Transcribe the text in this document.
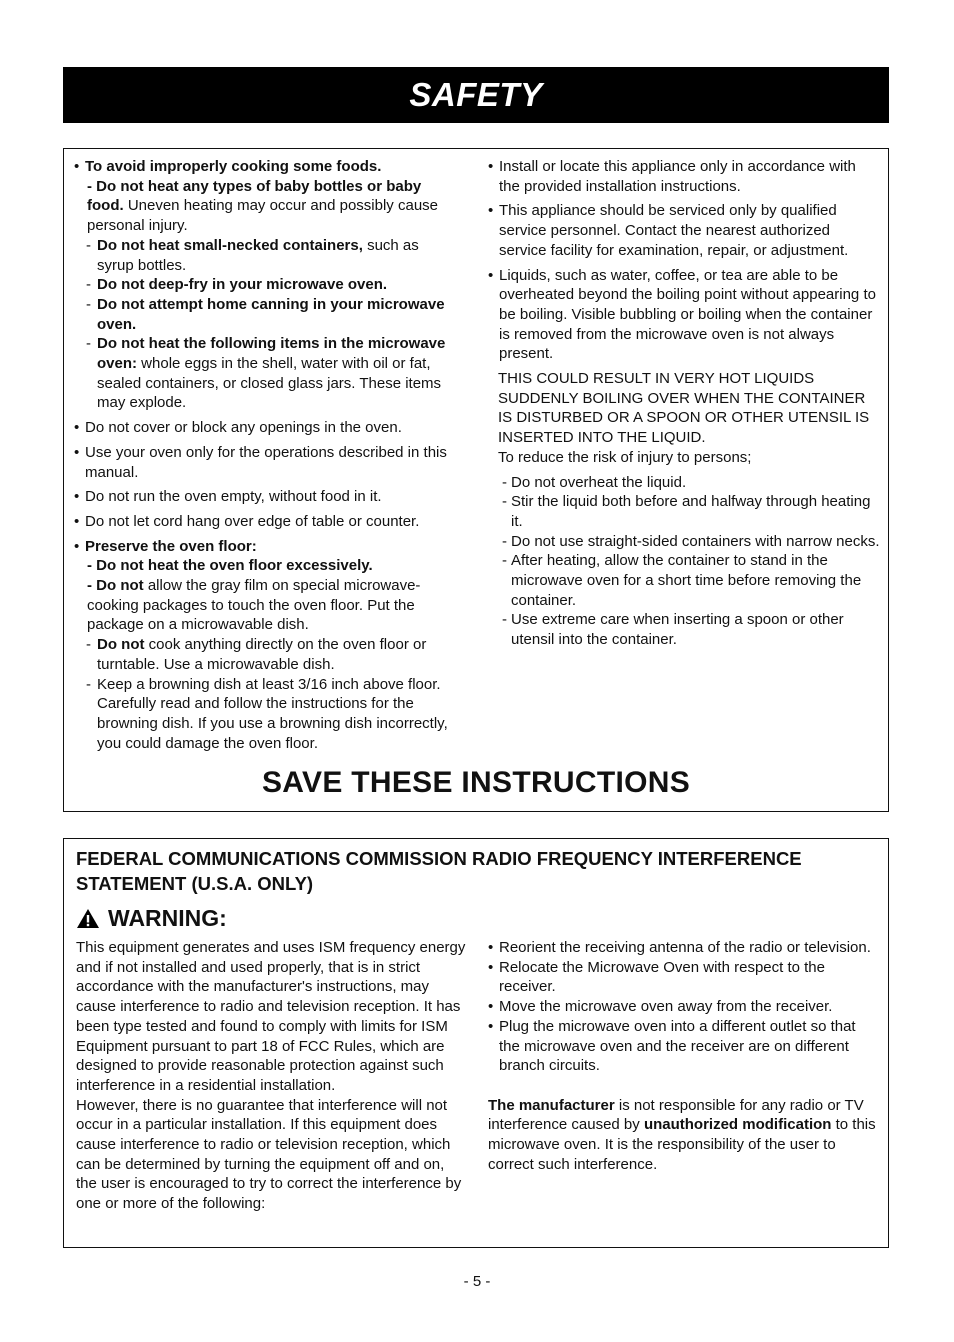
SAFETY
• To avoid improperly cooking some foods.
- Do not heat any types of baby bottles or baby food. Uneven heating may occur and possibly cause personal injury.
- Do not heat small-necked containers, such as syrup bottles.
- Do not deep-fry in your microwave oven.
- Do not attempt home canning in your microwave oven.
- Do not heat the following items in the microwave oven: whole eggs in the shell, water with oil or fat, sealed containers, or closed glass jars. These items may explode.
• Do not cover or block any openings in the oven.
• Use your oven only for the operations described in this manual.
• Do not run the oven empty, without food in it.
• Do not let cord hang over edge of table or counter.
• Preserve the oven floor:
- Do not heat the oven floor excessively.
- Do not allow the gray film on special microwave-cooking packages to touch the oven floor. Put the package on a microwavable dish.
- Do not cook anything directly on the oven floor or turntable. Use a microwavable dish.
- Keep a browning dish at least 3/16 inch above floor. Carefully read and follow the instructions for the browning dish. If you use a browning dish incorrectly, you could damage the oven floor.
• Install or locate this appliance only in accordance with the provided installation instructions.
• This appliance should be serviced only by qualified service personnel. Contact the nearest authorized service facility for examination, repair, or adjustment.
• Liquids, such as water, coffee, or tea are able to be overheated beyond the boiling point without appearing to be boiling. Visible bubbling or boiling when the container is removed from the microwave oven is not always present.
THIS COULD RESULT IN VERY HOT LIQUIDS SUDDENLY BOILING OVER WHEN THE CONTAINER IS DISTURBED OR A SPOON OR OTHER UTENSIL IS INSERTED INTO THE LIQUID.
To reduce the risk of injury to persons;
- Do not overheat the liquid.
- Stir the liquid both before and halfway through heating it.
- Do not use straight-sided containers with narrow necks.
- After heating, allow the container to stand in the microwave oven for a short time before removing the container.
- Use extreme care when inserting a spoon or other utensil into the container.
SAVE THESE INSTRUCTIONS
FEDERAL COMMUNICATIONS COMMISSION RADIO FREQUENCY INTERFERENCE STATEMENT (U.S.A. ONLY)
WARNING:
This equipment generates and uses ISM frequency energy and if not installed and used properly, that is in strict accordance with the manufacturer's instructions, may cause interference to radio and television reception. It has been type tested and found to comply with limits for ISM Equipment pursuant to part 18 of FCC Rules, which are designed to provide reasonable protection against such interference in a residential installation.
However, there is no guarantee that interference will not occur in a particular installation. If this equipment does cause interference to radio or television reception, which can be determined by turning the equipment off and on, the user is encouraged to try to correct the interference by one or more of the following:
• Reorient the receiving antenna of the radio or television.
• Relocate the Microwave Oven with respect to the receiver.
• Move the microwave oven away from the receiver.
• Plug the microwave oven into a different outlet so that the microwave oven and the receiver are on different branch circuits.
The manufacturer is not responsible for any radio or TV interference caused by unauthorized modification to this microwave oven. It is the responsibility of the user to correct such interference.
- 5 -
